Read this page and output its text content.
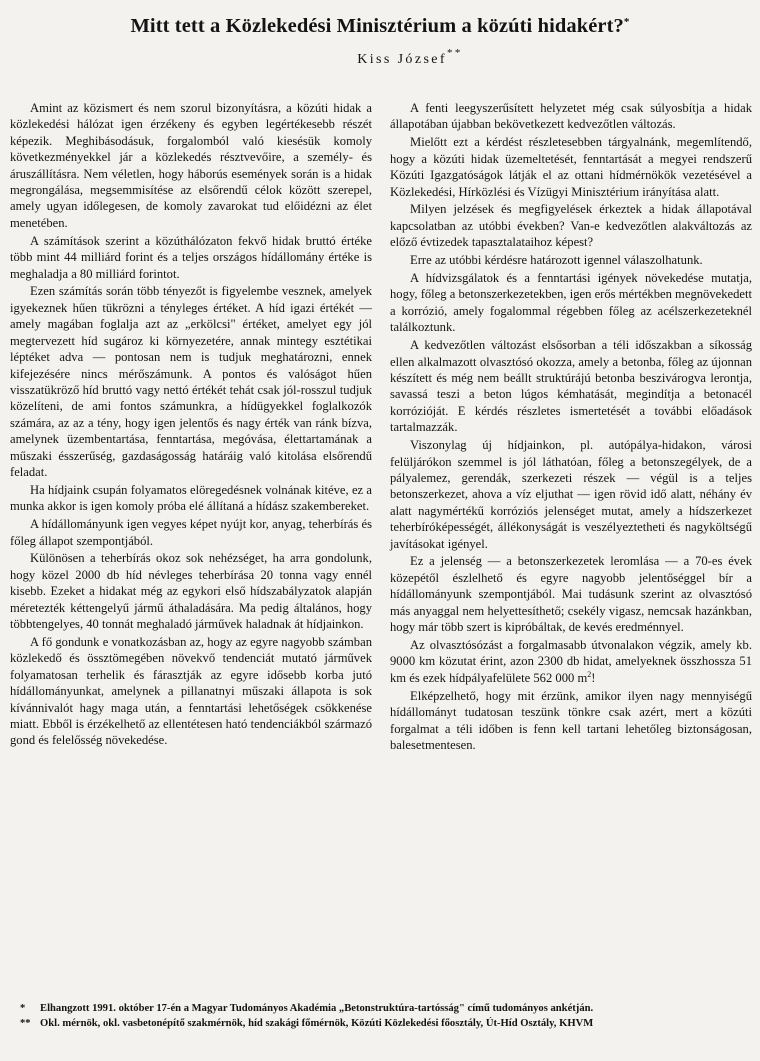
Mitt tett a Közlekedési Minisztérium a közúti hidakért?*
Kiss József**

Amint az közismert és nem szorul bizonyításra, a közúti hidak a közlekedési hálózat igen érzékeny és egyben legértékesebb részét képezik. Meghibásodásuk, forgalomból való kiesésük komoly következményekkel jár a közlekedés résztvevőire, a személy- és áruszállításra. Nem véletlen, hogy háborús események során is a hidak megrongálása, megsemmisítése az elsőrendű célok között szerepel, amely ugyan időlegesen, de komoly zavarokat tud előidézni az élet menetében.

A számítások szerint a közúthálózaton fekvő hidak bruttó értéke több mint 44 milliárd forint és a teljes országos hídállomány értéke is meghaladja a 80 milliárd forintot.

Ezen számítás során több tényezőt is figyelembe vesznek, amelyek igyekeznek hűen tükrözni a tényleges értéket. A híd igazi értékét — amely magában foglalja azt az „erkölcsi" értéket, amelyet egy jól megtervezett híd sugároz ki környezetére, annak mintegy esztétikai léptéket adva — pontosan nem is tudjuk meghatározni, ennek kifejezésére nincs mérőszámunk. A pontos és valóságot hűen visszatükröző híd bruttó vagy nettó értékét tehát csak jól-rosszul tudjuk közelíteni, de ami fontos számunkra, a hídügyekkel foglalkozók számára, az az a tény, hogy igen jelentős és nagy érték van ránk bízva, amelynek üzembentartása, fenntartása, megóvása, élettartamának a műszaki ésszerűség, gazdaságosság határáig való kitolása elsőrendű feladat.

Ha hídjaink csupán folyamatos elöregedésnek volnának kitéve, ez a munka akkor is igen komoly próba elé állítaná a hídász szakembereket.

A hídállományunk igen vegyes képet nyújt kor, anyag, teherbírás és főleg állapot szempontjából.

Különösen a teherbírás okoz sok nehézséget, ha arra gondolunk, hogy közel 2000 db híd névleges teherbírása 20 tonna vagy ennél kisebb. Ezeket a hidakat még az egykori első hídszabályzatok alapján méretezték kéttengelyű jármű áthaladására. Ma pedig általános, hogy többtengelyes, 40 tonnát meghaladó járművek haladnak át hídjainkon.

A fő gondunk e vonatkozásban az, hogy az egyre nagyobb számban közlekedő és össztömegében növekvő tendenciát mutató járművek folyamatosan terhelik és fárasztják az egyre idősebb korba jutó hídállományunkat, amelynek a pillanatnyi műszaki állapota is sok kívánnivalót hagy maga után, a fenntartási lehetőségek csökkenése miatt. Ebből is érzékelhető az ellentétesen ható tendenciákból származó gond és felelősség növekedése.

A fenti leegyszerűsített helyzetet még csak súlyosbítja a hidak állapotában újabban bekövetkezett kedvezőtlen változás.

Mielőtt ezt a kérdést részletesebben tárgyalnánk, megemlítendő, hogy a közúti hidak üzemeltetését, fenntartását a megyei rendszerű Közúti Igazgatóságok látják el az ottani hídmérnökök vezetésével a Közlekedési, Hírközlési és Vízügyi Minisztérium irányítása alatt.

Milyen jelzések és megfigyelések érkeztek a hidak állapotával kapcsolatban az utóbbi években? Van-e kedvezőtlen alakváltozás az előző évtizedek tapasztalataihoz képest?

Erre az utóbbi kérdésre határozott igennel válaszolhatunk.

A hídvizsgálatok és a fenntartási igények növekedése mutatja, hogy, főleg a betonszerkezetekben, igen erős mértékben megnövekedett a korrózió, amely fogalommal régebben főleg az acélszerkezeteknél találkoztunk.

A kedvezőtlen változást elsősorban a téli időszakban a síkosság ellen alkalmazott olvasztósó okozza, amely a betonba, főleg az újonnan készített és még nem beállt struktúrájú betonba beszivárogva lerontja, savassá teszi a beton lúgos kémhatását, megindítja a betonacél korrózióját. E kérdés részletes ismertetését a további előadások tartalmazzák.

Viszonylag új hídjainkon, pl. autópálya-hidakon, városi felüljárókon szemmel is jól láthatóan, főleg a betonszegélyek, de a pályalemez, gerendák, szerkezeti részek — végül is a teljes betonszerkezet, ahova a víz eljuthat — igen rövid idő alatt, néhány év alatt nagymértékű korróziós jelenséget mutat, amely a hídszerkezet teherbíróképességét, állékonyságát is veszélyeztetheti és nagyköltségű javításokat igényel.

Ez a jelenség — a betonszerkezetek leromlása — a 70-es évek közepétől észlelhető és egyre nagyobb jelentőséggel bír a hídállományunk szempontjából. Mai tudásunk szerint az olvasztósó más anyaggal nem helyettesíthető; csekély vigasz, nemcsak hazánkban, hogy már több szert is kipróbáltak, de kevés eredménnyel.

Az olvasztósózást a forgalmasabb útvonalakon végzik, amely kb. 9000 km közutat érint, azon 2300 db hidat, amelyeknek összhossza 51 km és ezek hídpályafelülete 562 000 $m^2$!

Elképzelhető, hogy mit érzünk, amikor ilyen nagy mennyiségű hídállományt tudatosan teszünk tönkre csak azért, mert a közúti forgalmat a téli időben is fenn kell tartani lehetőleg biztonságosan, balesetmentesen.

* Elhangzott 1991. október 17-én a Magyar Tudományos Akadémia „Betonstruktúra-tartósság" című tudományos ankétján.
** Okl. mérnök, okl. vasbetonépítő szakmérnök, híd szakági főmérnök, Közúti Közlekedési főosztály, Út-Híd Osztály, KHVM
